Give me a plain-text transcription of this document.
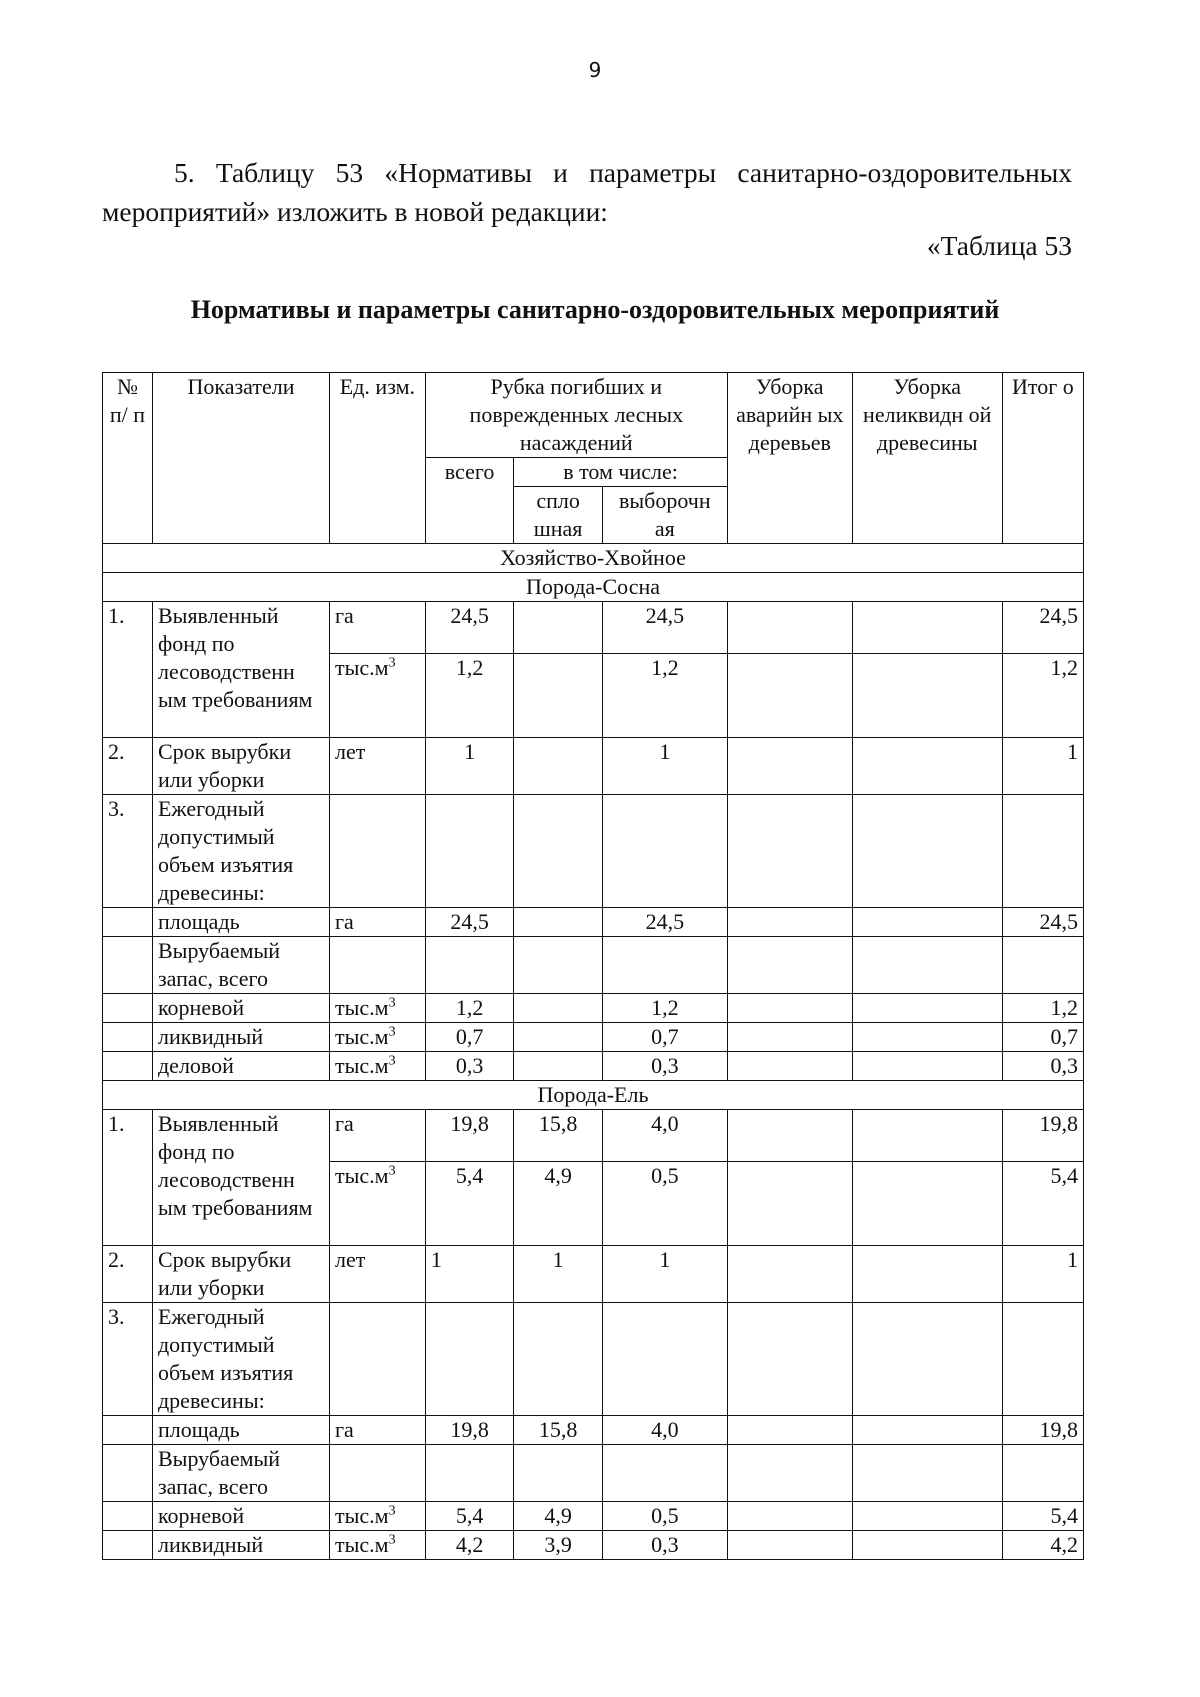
9
5. Таблицу 53 «Нормативы и параметры санитарно-оздоровительных мероприятий» изложить в новой редакции:
«Таблица 53
Нормативы и параметры санитарно-оздоровительных мероприятий
№ п/ п	Показатели	Ед. изм.	Рубка погибших и поврежденных лесных насаждений			Уборка аварийн ых деревьев	Уборка неликвидн ой древесины	Итог о
			всего	в том числе:				
				спло шная	выборочн ая			
Хозяйство-Хвойное								
Порода-Сосна								
1.	Выявленный фонд по лесоводственн ым требованиям	га	24,5		24,5			24,5
		$тыс.м^3$	1,2		1,2			1,2
2.	Срок вырубки или уборки	лет	1		1			1
3.	Ежегодный допустимый объем изъятия древесины:							
	площадь	га	24,5		24,5			24,5
	Вырубаемый запас, всего							
	корневой	$тыс.м^3$	1,2		1,2			1,2
	ликвидный	$тыс.м^3$	0,7		0,7			0,7
	деловой	$тыс.м^3$	0,3		0,3			0,3
Порода-Ель								
1.	Выявленный фонд по лесоводственн ым требованиям	га	19,8	15,8	4,0			19,8
		$тыс.м^3$	5,4	4,9	0,5			5,4
2.	Срок вырубки или уборки	лет	1	1	1			1
3.	Ежегодный допустимый объем изъятия древесины:							
	площадь	га	19,8	15,8	4,0			19,8
	Вырубаемый запас, всего							
	корневой	$тыс.м^3$	5,4	4,9	0,5			5,4
	ликвидный	$тыс.м^3$	4,2	3,9	0,3			4,2
